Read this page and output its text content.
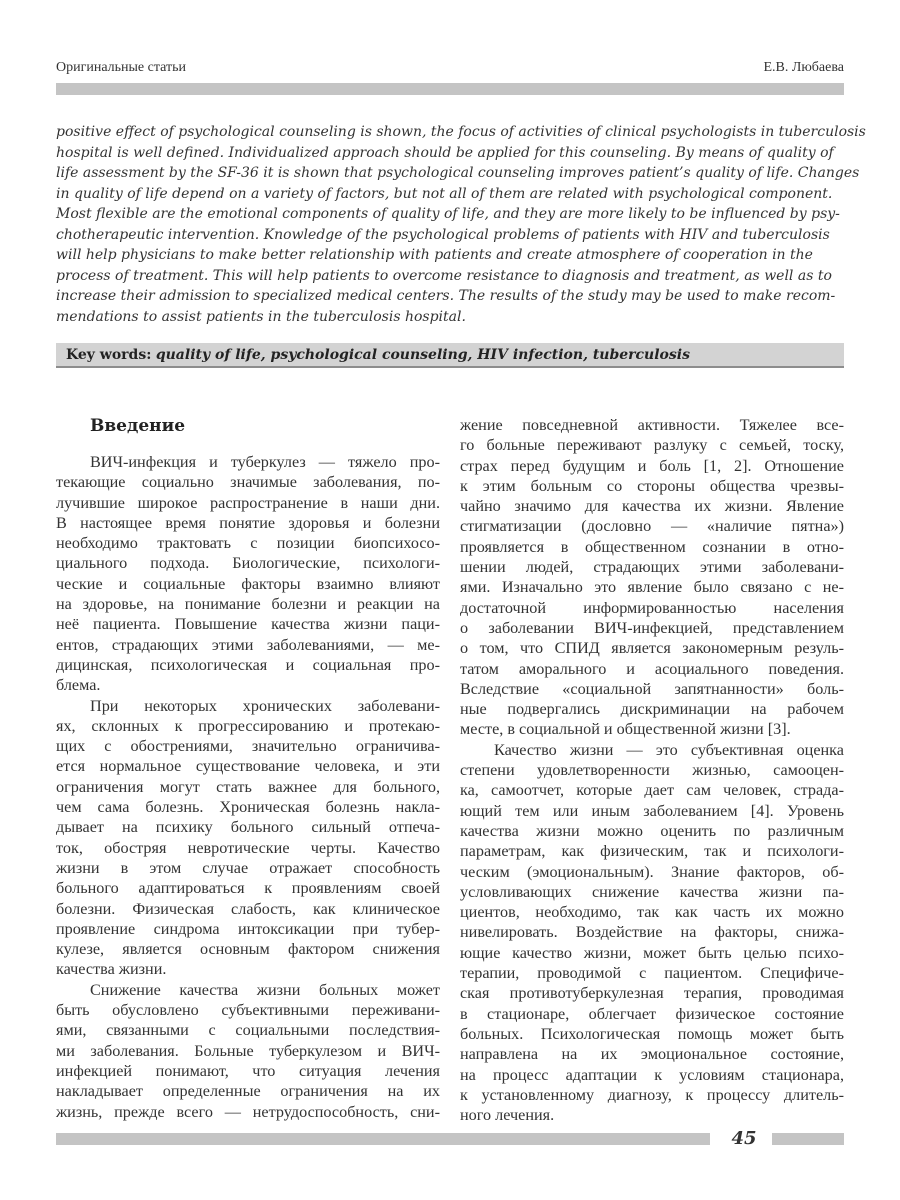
Оригинальные статьи	Е.В. Любаева
positive effect of psychological counseling is shown, the focus of activities of clinical psychologists in tuberculosis
hospital is well defined. Individualized approach should be applied for this counseling. By means of quality of
life assessment by the SF-36 it is shown that psychological counseling improves patient’s quality of life. Changes
in quality of life depend on a variety of factors, but not all of them are related with psychological component.
Most flexible are the emotional components of quality of life, and they are more likely to be influenced by psy-
chotherapeutic intervention. Knowledge of the psychological problems of patients with HIV and tuberculosis
will help physicians to make better relationship with patients and create atmosphere of cooperation in the
process of treatment. This will help patients to overcome resistance to diagnosis and treatment, as well as to
increase their admission to specialized medical centers. The results of the study may be used to make recom-
mendations to assist patients in the tuberculosis hospital.
Key words: quality of life, psychological counseling, HIV infection, tuberculosis
Введение
ВИЧ-инфекция и туберкулез — тяжело про-
текающие социально значимые заболевания, по-
лучившие широкое распространение в наши дни.
В настоящее время понятие здоровья и болезни
необходимо трактовать с позиции биопсихосо-
циального подхода. Биологические, психологи-
ческие и социальные факторы взаимно влияют
на здоровье, на понимание болезни и реакции на
неё пациента. Повышение качества жизни паци-
ентов, страдающих этими заболеваниями, — ме-
дицинская, психологическая и социальная про-
блема.
При некоторых хронических заболевани-
ях, склонных к прогрессированию и протекаю-
щих с обострениями, значительно ограничива-
ется нормальное существование человека, и эти
ограничения могут стать важнее для больного,
чем сама болезнь. Хроническая болезнь накла-
дывает на психику больного сильный отпеча-
ток, обостряя невротические черты. Качество
жизни в этом случае отражает способность
больного адаптироваться к проявлениям своей
болезни. Физическая слабость, как клиническое
проявление синдрома интоксикации при тубер-
кулезе, является основным фактором снижения
качества жизни.
Снижение качества жизни больных может
быть обусловлено субъективными переживани-
ями, связанными с социальными последствия-
ми заболевания. Больные туберкулезом и ВИЧ-
инфекцией понимают, что ситуация лечения
накладывает определенные ограничения на их
жизнь, прежде всего — нетрудоспособность, сни-
жение повседневной активности. Тяжелее все-
го больные переживают разлуку с семьей, тоску,
страх перед будущим и боль [1, 2]. Отношение
к этим больным со стороны общества чрезвы-
чайно значимо для качества их жизни. Явление
стигматизации (дословно — «наличие пятна»)
проявляется в общественном сознании в отно-
шении людей, страдающих этими заболевани-
ями. Изначально это явление было связано с не-
достаточной информированностью населения
о заболевании ВИЧ-инфекцией, представлением
о том, что СПИД является закономерным резуль-
татом аморального и асоциального поведения.
Вследствие «социальной запятнанности» боль-
ные подвергались дискриминации на рабочем
месте, в социальной и общественной жизни [3].
Качество жизни — это субъективная оценка
степени удовлетворенности жизнью, самооцен-
ка, самоотчет, которые дает сам человек, страда-
ющий тем или иным заболеванием [4]. Уровень
качества жизни можно оценить по различным
параметрам, как физическим, так и психологи-
ческим (эмоциональным). Знание факторов, об-
условливающих снижение качества жизни па-
циентов, необходимо, так как часть их можно
нивелировать. Воздействие на факторы, снижа-
ющие качество жизни, может быть целью психо-
терапии, проводимой с пациентом. Специфиче-
ская противотуберкулезная терапия, проводимая
в стационаре, облегчает физическое состояние
больных. Психологическая помощь может быть
направлена на их эмоциональное состояние,
на процесс адаптации к условиям стационара,
к установленному диагнозу, к процессу длитель-
ного лечения.
45
